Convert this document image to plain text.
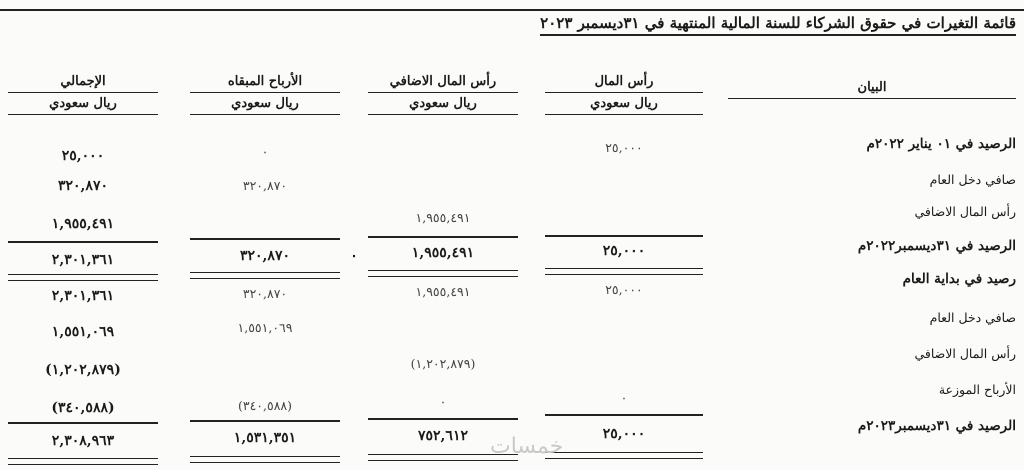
قائمة التغيرات في حقوق الشركاء للسنة المالية المنتهية في ٣١ديسمبر ٢٠٢٣
البيان
رأس المال
ريال سعودي
رأس المال الاضافي
ريال سعودي
الأرباح المبقاه
ريال سعودي
الإجمالي
ريال سعودي
الرصيد في ٠١ يناير ٢٠٢٢م
٢٥,٠٠٠
٠
٢٥,٠٠٠
صافي دخل العام
٣٢٠,٨٧٠
٣٢٠,٨٧٠
رأس المال الاضافي
١,٩٥٥,٤٩١
١,٩٥٥,٤٩١
الرصيد في ٣١ديسمبر٢٠٢٢م
٢٥,٠٠٠
١,٩٥٥,٤٩١
٠
٣٢٠,٨٧٠
٢,٣٠١,٣٦١
رصيد في بداية العام
٢٥,٠٠٠
١,٩٥٥,٤٩١
٣٢٠,٨٧٠
٢,٣٠١,٣٦١
صافي دخل العام
١,٥٥١,٠٦٩
١,٥٥١,٠٦٩
رأس المال الاضافي
(١,٢٠٢,٨٧٩)
(١,٢٠٢,٨٧٩)
الأرباح الموزعة
٠
٠
(٣٤٠,٥٨٨)
(٣٤٠,٥٨٨)
الرصيد في ٣١ديسمبر٢٠٢٣م
٢٥,٠٠٠
٧٥٢,٦١٢
١,٥٣١,٣٥١
٢,٣٠٨,٩٦٣	خمسات
